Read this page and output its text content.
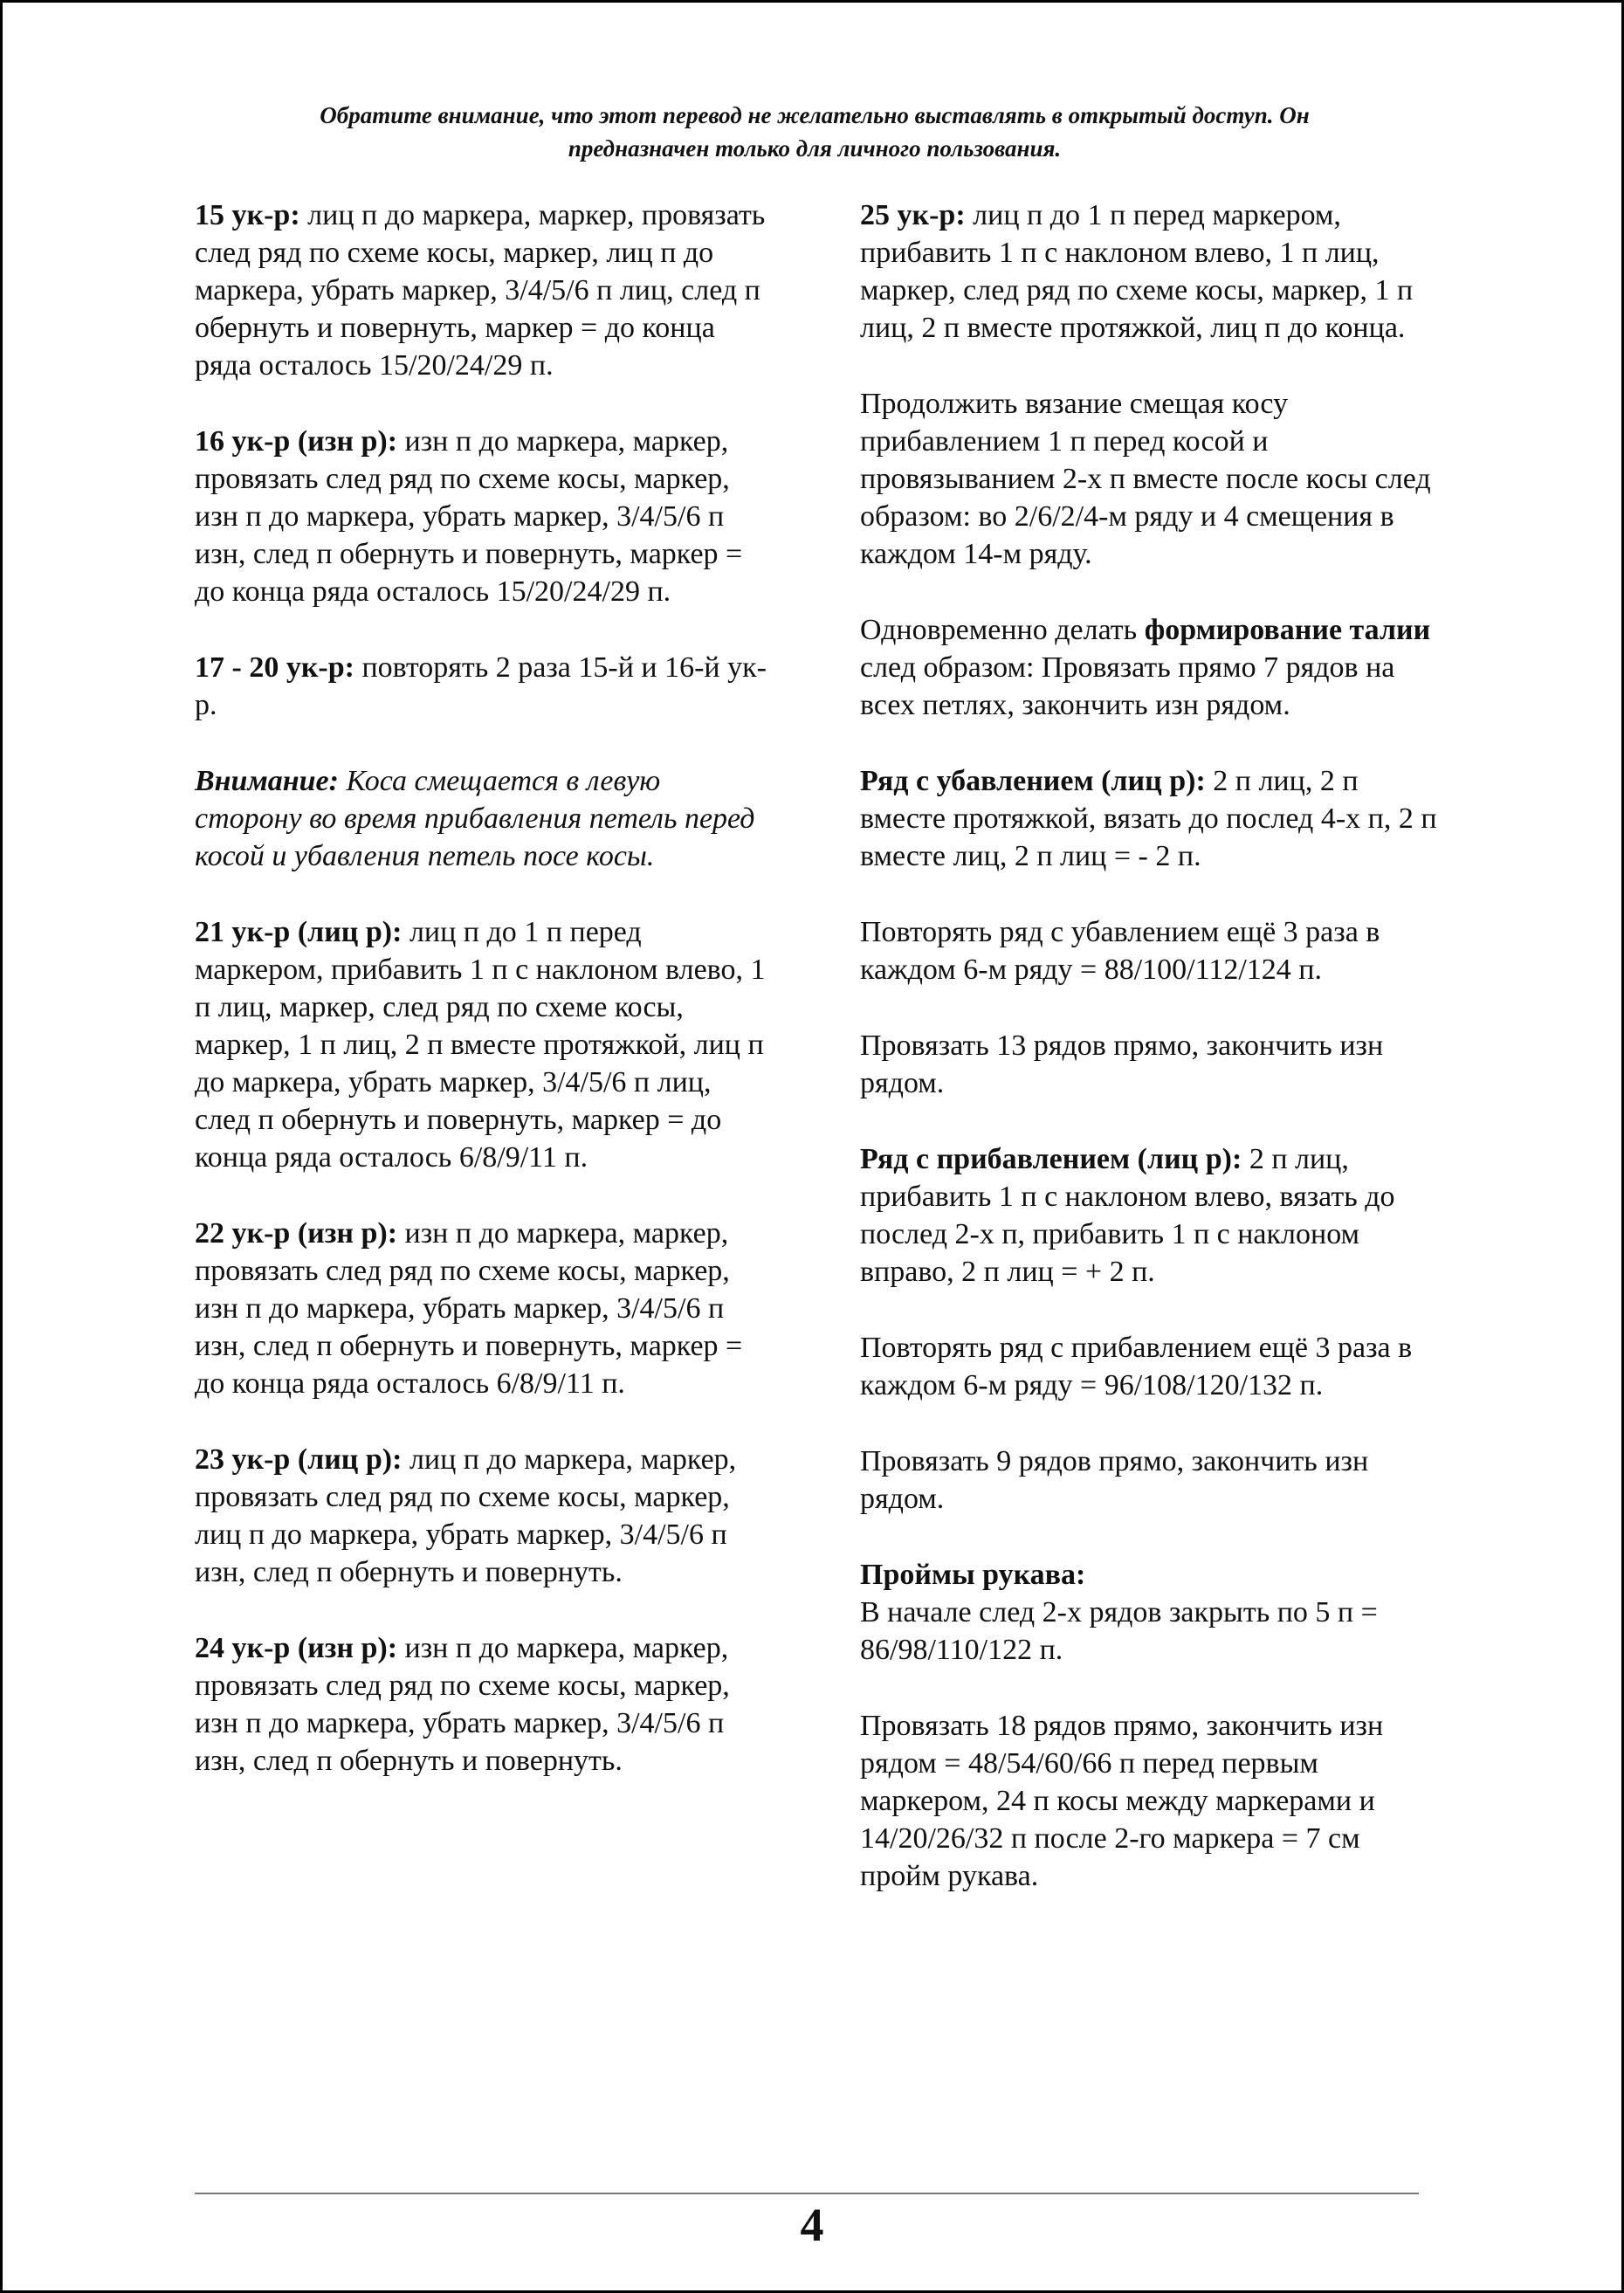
Обратите внимание, что этот перевод не желательно выставлять в открытый доступ. Он
предназначен только для личного пользования.

15 ук-р: лиц п до маркера, маркер, провязать след ряд по схеме косы, маркер, лиц п до маркера, убрать маркер, 3/4/5/6 п лиц, след п обернуть и повернуть, маркер = до конца ряда осталось 15/20/24/29 п.

16 ук-р (изн р): изн п до маркера, маркер, провязать след ряд по схеме косы, маркер, изн п до маркера, убрать маркер, 3/4/5/6 п изн, след п обернуть и повернуть, маркер = до конца ряда осталось 15/20/24/29 п.

17 - 20 ук-р: повторять 2 раза 15-й и 16-й ук-р.

Внимание: Коса смещается в левую сторону во время прибавления петель перед косой и убавления петель посе косы.

21 ук-р (лиц р): лиц п до 1 п перед маркером, прибавить 1 п с наклоном влево, 1 п лиц, маркер, след ряд по схеме косы, маркер, 1 п лиц, 2 п вместе протяжкой, лиц п до маркера, убрать маркер, 3/4/5/6 п лиц, след п обернуть и повернуть, маркер = до конца ряда осталось 6/8/9/11 п.

22 ук-р (изн р): изн п до маркера, маркер, провязать след ряд по схеме косы, маркер, изн п до маркера, убрать маркер, 3/4/5/6 п изн, след п обернуть и повернуть, маркер = до конца ряда осталось 6/8/9/11 п.

23 ук-р (лиц р): лиц п до маркера, маркер, провязать след ряд по схеме косы, маркер, лиц п до маркера, убрать маркер, 3/4/5/6 п изн, след п обернуть и повернуть.

24 ук-р (изн р): изн п до маркера, маркер, провязать след ряд по схеме косы, маркер, изн п до маркера, убрать маркер, 3/4/5/6 п изн, след п обернуть и повернуть.

25 ук-р: лиц п до 1 п перед маркером, прибавить 1 п с наклоном влево, 1 п лиц, маркер, след ряд по схеме косы, маркер, 1 п лиц, 2 п вместе протяжкой, лиц п до конца.

Продолжить вязание смещая косу прибавлением 1 п перед косой и провязыванием 2-х п вместе после косы след образом: во 2/6/2/4-м ряду и 4 смещения в каждом 14-м ряду.

Одновременно делать формирование талии след образом: Провязать прямо 7 рядов на всех петлях, закончить изн рядом.

Ряд с убавлением (лиц р): 2 п лиц, 2 п вместе протяжкой, вязать до послед 4-х п, 2 п вместе лиц, 2 п лиц = - 2 п.

Повторять ряд с убавлением ещё 3 раза в каждом 6-м ряду = 88/100/112/124 п.

Провязать 13 рядов прямо, закончить изн рядом.

Ряд с прибавлением (лиц р): 2 п лиц, прибавить 1 п с наклоном влево, вязать до послед 2-х п, прибавить 1 п с наклоном вправо, 2 п лиц = + 2 п.

Повторять ряд с прибавлением ещё 3 раза в каждом 6-м ряду = 96/108/120/132 п.

Провязать 9 рядов прямо, закончить изн рядом.

Проймы рукава:
В начале след 2-х рядов закрыть по 5 п = 86/98/110/122 п.

Провязать 18 рядов прямо, закончить изн рядом = 48/54/60/66 п перед первым маркером, 24 п косы между маркерами и 14/20/26/32 п после 2-го маркера = 7 см пройм рукава.

4
